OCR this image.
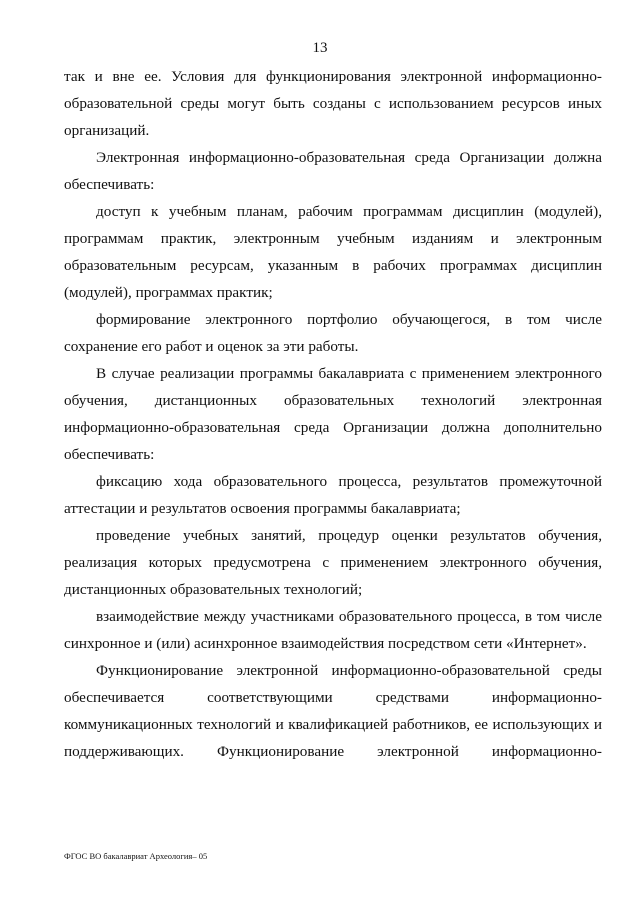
13

так и вне ее. Условия для функционирования электронной информационно-образовательной среды могут быть созданы с использованием ресурсов иных организаций.

Электронная информационно-образовательная среда Организации должна обеспечивать:

доступ к учебным планам, рабочим программам дисциплин (модулей), программам практик, электронным учебным изданиям и электронным образовательным ресурсам, указанным в рабочих программах дисциплин (модулей), программах практик;

формирование электронного портфолио обучающегося, в том числе сохранение его работ и оценок за эти работы.

В случае реализации программы бакалавриата с применением электронного обучения, дистанционных образовательных технологий электронная информационно-образовательная среда Организации должна дополнительно обеспечивать:

фиксацию хода образовательного процесса, результатов промежуточной аттестации и результатов освоения программы бакалавриата;

проведение учебных занятий, процедур оценки результатов обучения, реализация которых предусмотрена с применением электронного обучения, дистанционных образовательных технологий;

взаимодействие между участниками образовательного процесса, в том числе синхронное и (или) асинхронное взаимодействия посредством сети «Интернет».

Функционирование электронной информационно-образовательной среды обеспечивается соответствующими средствами информационно-коммуникационных технологий и квалификацией работников, ее использующих и поддерживающих. Функционирование электронной информационно-

ФГОС ВО бакалавриат Археология– 05
